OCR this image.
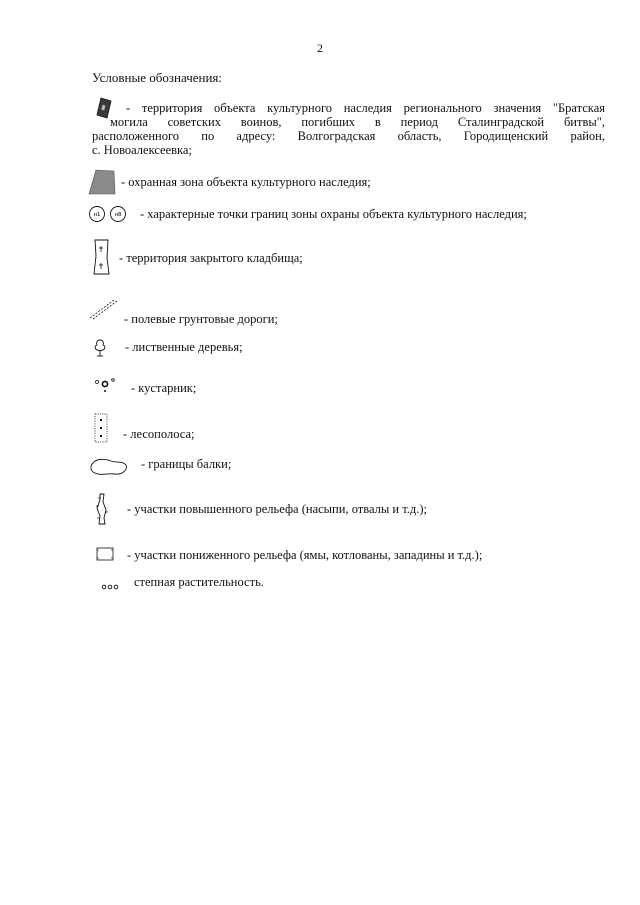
2
Условные обозначения:
- территория объекта культурного наследия регионального значения "Братская
могила советских воинов, погибших в период Сталинградской битвы",
расположенного по адресу: Волгоградская область, Городищенский район,
с. Новоалексеевка;
- охранная зона объекта культурного наследия;
н1	н8 - характерные точки границ зоны охраны объекта культурного наследия;
- территория закрытого кладбища;
- полевые грунтовые дороги;
- лиственные деревья;
- кустарник;
- лесополоса;
- границы балки;
- участки повышенного рельефа (насыпи, отвалы и т.д.);
- участки пониженного рельефа (ямы, котлованы, западины и т.д.);
степная растительность.
